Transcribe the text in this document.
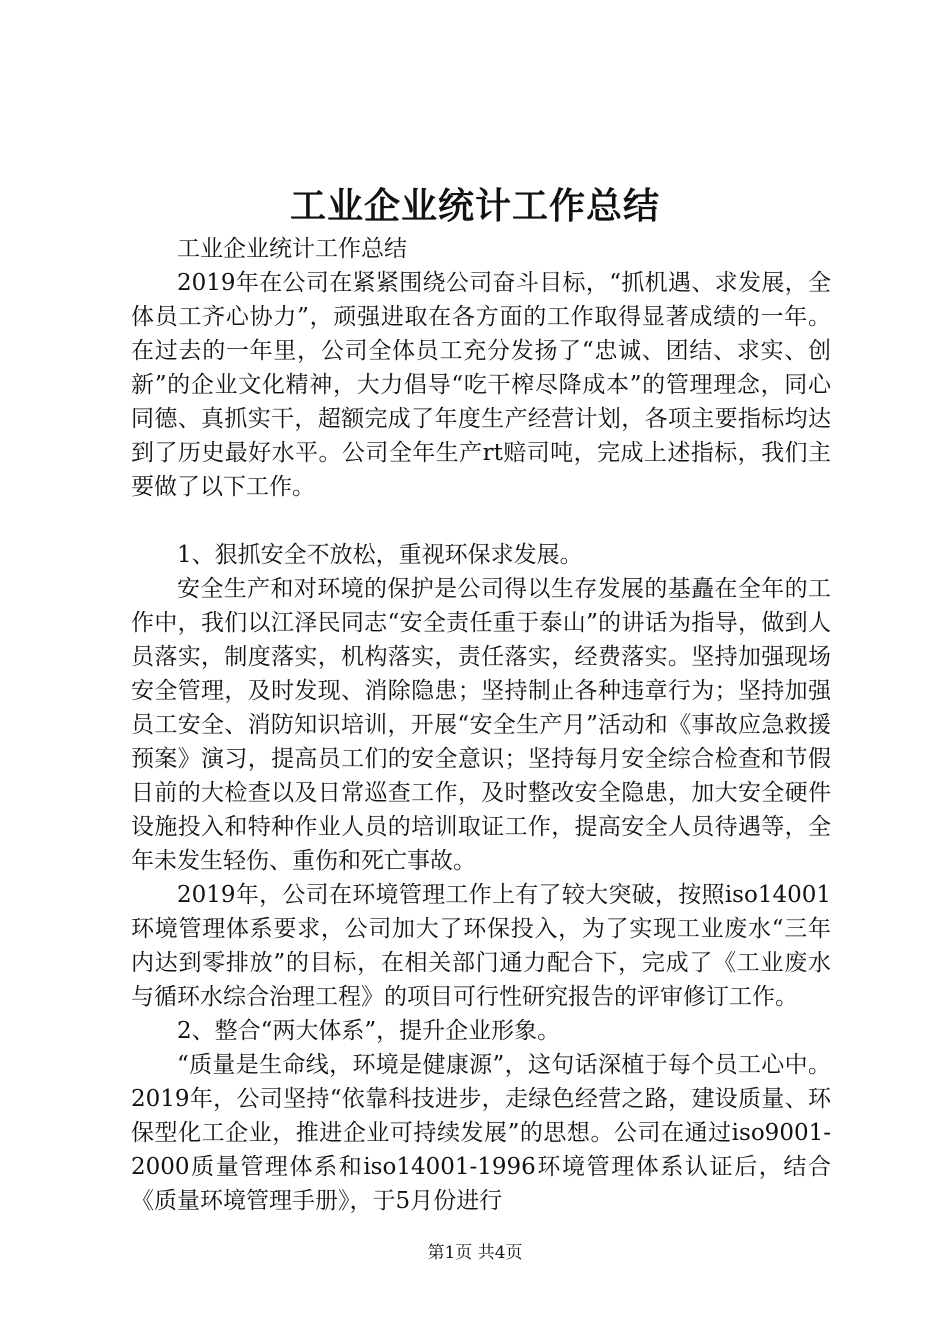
工业企业统计工作总结

工业企业统计工作总结

2019年在公司在紧紧围绕公司奋斗目标，“抓机遇、求发展，全体员工齐心协力”，顽强进取在各方面的工作取得显著成绩的一年。在过去的一年里，公司全体员工充分发扬了“忠诚、团结、求实、创新”的企业文化精神，大力倡导“吃干榨尽降成本”的管理理念，同心同德、真抓实干，超额完成了年度生产经营计划，各项主要指标均达到了历史最好水平。公司全年生产rt赔司吨，完成上述指标，我们主要做了以下工作。

1、狠抓安全不放松，重视环保求发展。

安全生产和对环境的保护是公司得以生存发展的基矗在全年的工作中，我们以江泽民同志“安全责任重于泰山”的讲话为指导，做到人员落实，制度落实，机构落实，责任落实，经费落实。坚持加强现场安全管理，及时发现、消除隐患；坚持制止各种违章行为；坚持加强员工安全、消防知识培训，开展“安全生产月”活动和《事故应急救援预案》演习，提高员工们的安全意识；坚持每月安全综合检查和节假日前的大检查以及日常巡查工作，及时整改安全隐患，加大安全硬件设施投入和特种作业人员的培训取证工作，提高安全人员待遇等，全年未发生轻伤、重伤和死亡事故。

2019年，公司在环境管理工作上有了较大突破，按照iso14001环境管理体系要求，公司加大了环保投入，为了实现工业废水“三年内达到零排放”的目标，在相关部门通力配合下，完成了《工业废水与循环水综合治理工程》的项目可行性研究报告的评审修订工作。

2、整合“两大体系”，提升企业形象。

“质量是生命线，环境是健康源”，这句话深植于每个员工心中。2019年，公司坚持“依靠科技进步，走绿色经营之路，建设质量、环保型化工企业，推进企业可持续发展”的思想。公司在通过iso9001-2000质量管理体系和iso14001-1996环境管理体系认证后，结合《质量环境管理手册》，于5月份进行

第1页 共4页
